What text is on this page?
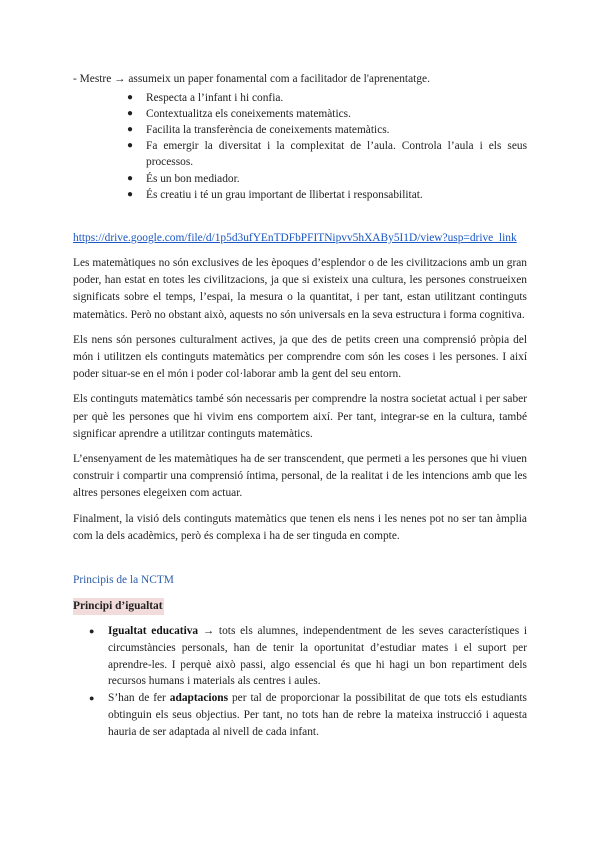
- Mestre → assumeix un paper fonamental com a facilitador de l'aprenentatge.

● Respecta a l’infant i hi confia.
● Contextualitza els coneixements matemàtics.
● Facilita la transferència de coneixements matemàtics.
● Fa emergir la diversitat i la complexitat de l’aula. Controla l’aula i els seus processos.
● És un bon mediador.
● És creatiu i té un grau important de llibertat i responsabilitat.
https://drive.google.com/file/d/1p5d3ufYEnTDFbPFITNipvv5hXABy5I1D/view?usp=drive_link

Les matemàtiques no són exclusives de les èpoques d’esplendor o de les civilitzacions amb un gran poder, han estat en totes les civilitzacions, ja que si existeix una cultura, les persones construeixen significats sobre el temps, l’espai, la mesura o la quantitat, i per tant, estan utilitzant continguts matemàtics. Però no obstant això, aquests no són universals en la seva estructura i forma cognitiva.

Els nens són persones culturalment actives, ja que des de petits creen una comprensió pròpia del món i utilitzen els continguts matemàtics per comprendre com són les coses i les persones. I així poder situar-se en el món i poder col·laborar amb la gent del seu entorn.

Els continguts matemàtics també són necessaris per comprendre la nostra societat actual i per saber per què les persones que hi vivim ens comportem així. Per tant, integrar-se en la cultura, també significar aprendre a utilitzar continguts matemàtics.

L’ensenyament de les matemàtiques ha de ser transcendent, que permeti a les persones que hi viuen construir i compartir una comprensió íntima, personal, de la realitat i de les intencions amb que les altres persones elegeixen com actuar.

Finalment, la visió dels continguts matemàtics que tenen els nens i les nenes pot no ser tan àmplia com la dels acadèmics, però és complexa i ha de ser tinguda en compte.

Principis de la NCTM
Principi d’igualtat
● Igualtat educativa → tots els alumnes, independentment de les seves característiques i circumstàncies personals, han de tenir la oportunitat d’estudiar mates i el suport per aprendre-les. I perquè això passi, algo essencial és que hi hagi un bon repartiment dels recursos humans i materials als centres i aules.
● S’han de fer adaptacions per tal de proporcionar la possibilitat de que tots els estudiants obtinguin els seus objectius. Per tant, no tots han de rebre la mateixa instrucció i aquesta hauria de ser adaptada al nivell de cada infant.
